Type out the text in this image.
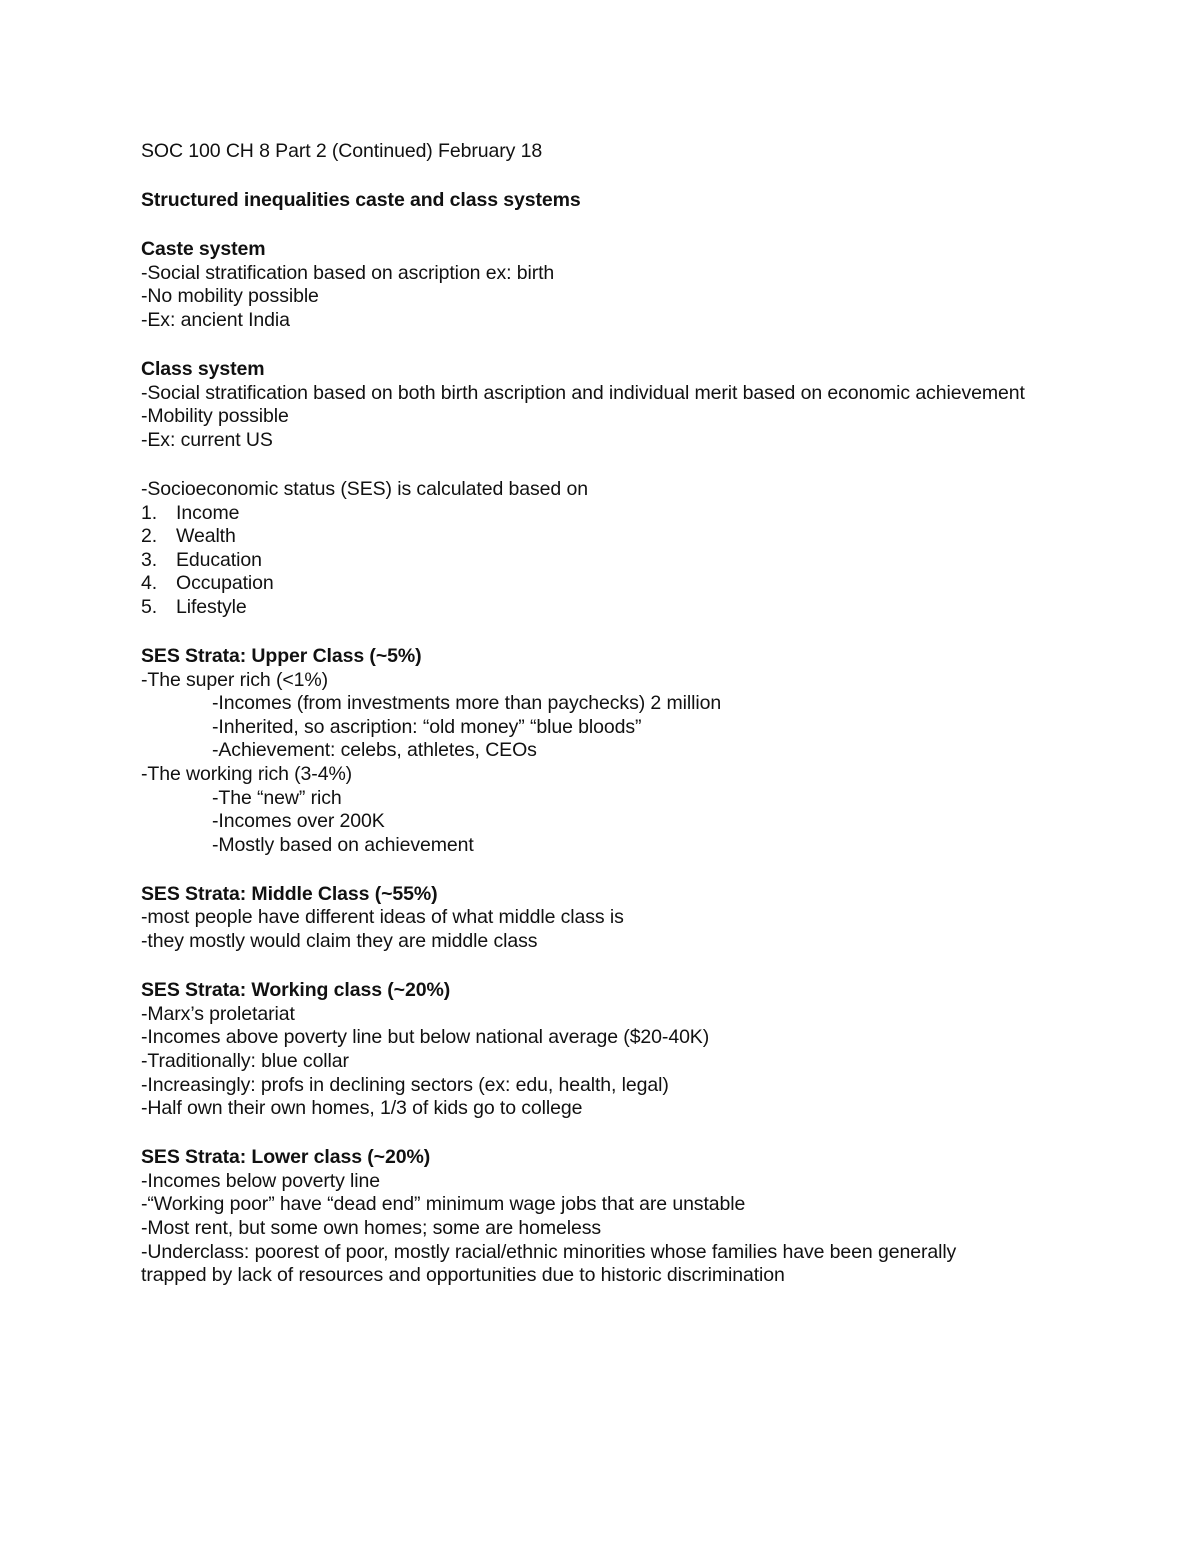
SOC 100 CH 8 Part 2 (Continued) February 18
Structured inequalities caste and class systems
Caste system
-Social stratification based on ascription ex: birth
-No mobility possible
-Ex: ancient India
Class system
-Social stratification based on both birth ascription and individual merit based on economic achievement
-Mobility possible
-Ex: current US
-Socioeconomic status (SES) is calculated based on
1. Income
2. Wealth
3. Education
4. Occupation
5. Lifestyle
SES Strata: Upper Class (~5%)
-The super rich (<1%)
-Incomes (from investments more than paychecks) 2 million
-Inherited, so ascription: “old money” “blue bloods”
-Achievement: celebs, athletes, CEOs
-The working rich (3-4%)
-The “new” rich
-Incomes over 200K
-Mostly based on achievement
SES Strata: Middle Class (~55%)
-most people have different ideas of what middle class is
-they mostly would claim they are middle class
SES Strata: Working class (~20%)
-Marx’s proletariat
-Incomes above poverty line but below national average ($20-40K)
-Traditionally: blue collar
-Increasingly: profs in declining sectors (ex: edu, health, legal)
-Half own their own homes, 1/3 of kids go to college
SES Strata: Lower class (~20%)
-Incomes below poverty line
-“Working poor” have “dead end” minimum wage jobs that are unstable
-Most rent, but some own homes; some are homeless
-Underclass: poorest of poor, mostly racial/ethnic minorities whose families have been generally trapped by lack of resources and opportunities due to historic discrimination
